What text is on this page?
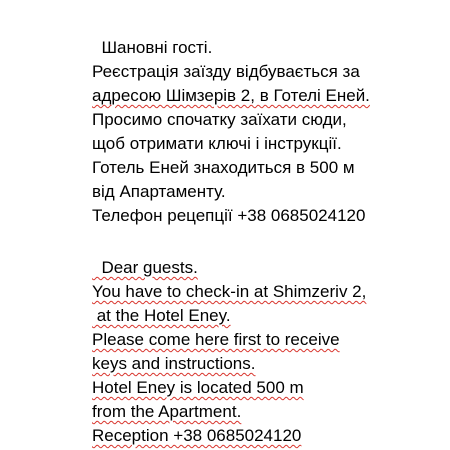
Шановні гості.
Реєстрація заїзду відбувається за
адресою Шімзерів 2, в Готелі Еней.
Просимо спочатку заїхати сюди,
щоб отримати ключі і інструкції.
Готель Еней знаходиться в 500 м
від Апартаменту.
Телефон рецепції +38 0685024120
Dear guests.
You have to check-in at Shimzeriv 2,
at the Hotel Eney.
Please come here first to receive
keys and instructions.
Hotel Eney is located 500 m
from the Apartment.
Reception +38 0685024120
